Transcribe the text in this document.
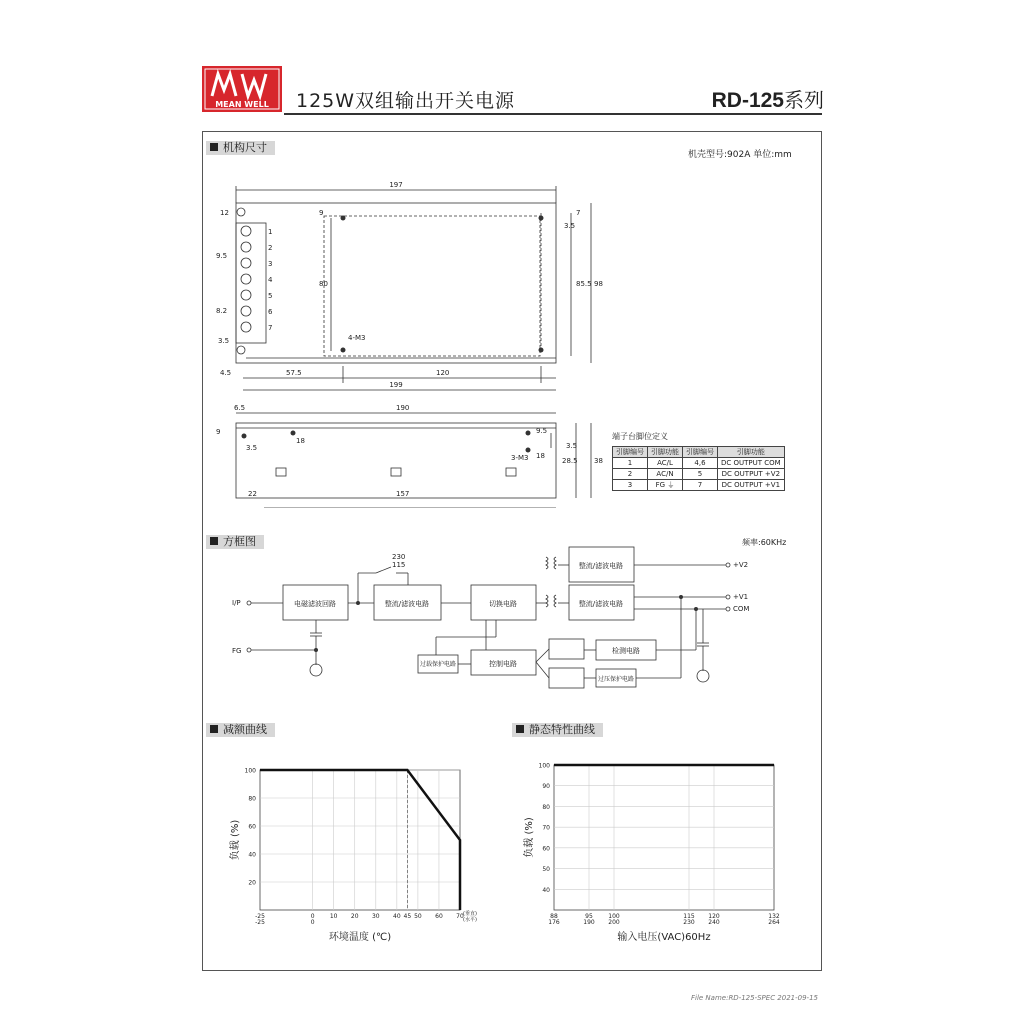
MEAN WELL 125W双组输出开关电源	RD-125系列
机构尺寸
机壳型号:902A 单位:mm
197
12	9	7
9.5
3.5
8.2
85.5 98
80
4-M3
3.5
4.5	57.5	120
199
6.5	190
9
18
3.5
9.5
18
28.5 38
3-M3
3.5
22	157
1
2
3
4
5
6
7
端子台脚位定义
引脚编号	引脚功能	引脚编号	引脚功能
1	AC/L	4,6	DC OUTPUT COM
2	AC/N	5	DC OUTPUT +V2
3	FG ⏚	7	DC OUTPUT +V1
方框图	频率:60KHz
I/P
FG
230
115
电磁滤波回路	整流/滤波电路	切换电路
整流/滤波电路
整流/滤波电路
检测电路
控制电路
过载保护电路
过压保护电路
+V2
+V1
COM
减额曲线	静态特性曲线
100
80
60
40
20
-25	0	10 20 30 40 45 50 60 70
-25	0
(垂直)
(水平)
环境温度 (℃)
负载 (%)
100
90
80
70
60
50
40
88	95	100	115 120	132
176	190 200	230 240	264
输入电压(VAC)60Hz
负载 (%)
File Name:RD-125-SPEC 2021-09-15
